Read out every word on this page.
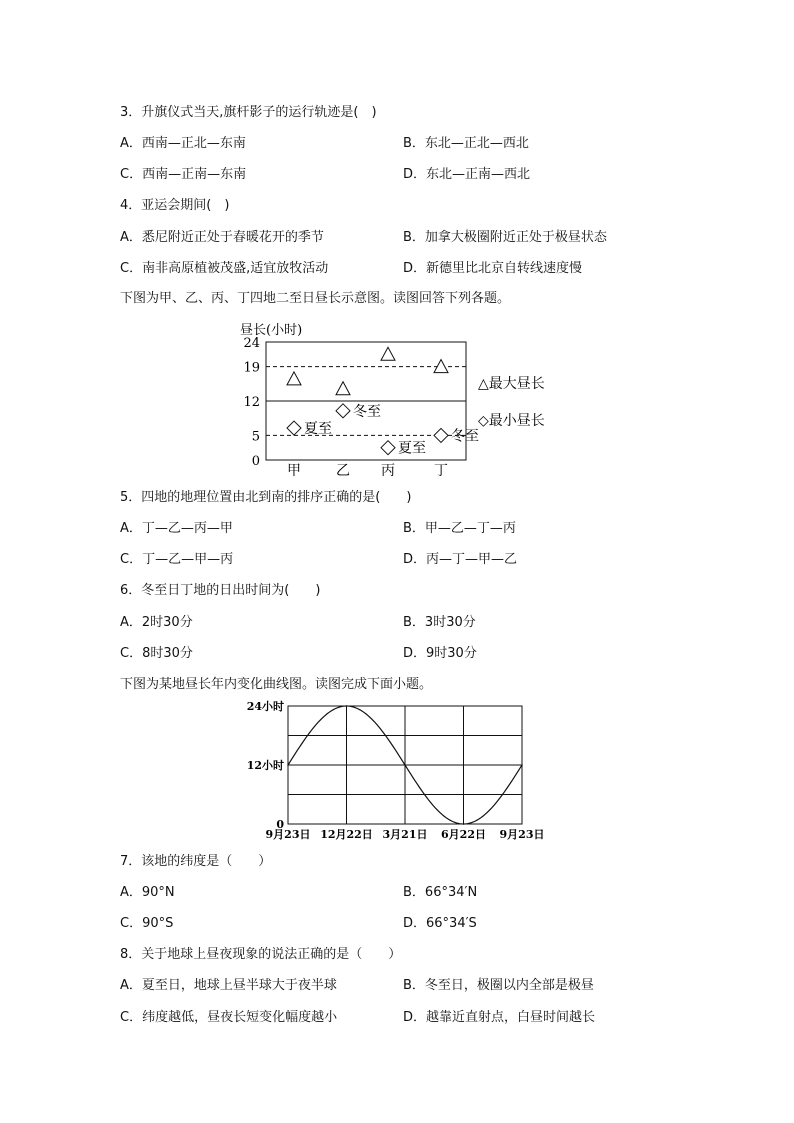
3．升旗仪式当天,旗杆影子的运行轨迹是(　)
A．西南—正北—东南	B．东北—正北—西北
C．西南—正南—东南	D．东北—正南—西北
4．亚运会期间(　)
A．悉尼附近正处于春暖花开的季节	B．加拿大极圈附近正处于极昼状态
C．南非高原植被茂盛,适宜放牧活动	D．新德里比北京自转线速度慢
下图为甲、乙、丙、丁四地二至日昼长示意图。读图回答下列各题。
昼长(小时)
24
19
12
5
0
甲	乙 丙	丁
夏至
冬至
夏至
冬至
△最大昼长
◇最小昼长
5．四地的地理位置由北到南的排序正确的是(　　)
A．丁—乙—丙—甲	B．甲—乙—丁—丙
C．丁—乙—甲—丙	D．丙—丁—甲—乙
6．冬至日丁地的日出时间为(　　)
A．2时30分	B．3时30分
C．8时30分	D．9时30分
下图为某地昼长年内变化曲线图。读图完成下面小题。
24小时
12小时
0
9月23日 12月22日 3月21日 6月22日 9月23日
7．该地的纬度是（　　）
A．90°N	B．66°34′N
C．90°S	D．66°34′S
8．关于地球上昼夜现象的说法正确的是（　　）
A．夏至日，地球上昼半球大于夜半球	B．冬至日，极圈以内全部是极昼
C．纬度越低，昼夜长短变化幅度越小	D．越靠近直射点，白昼时间越长
